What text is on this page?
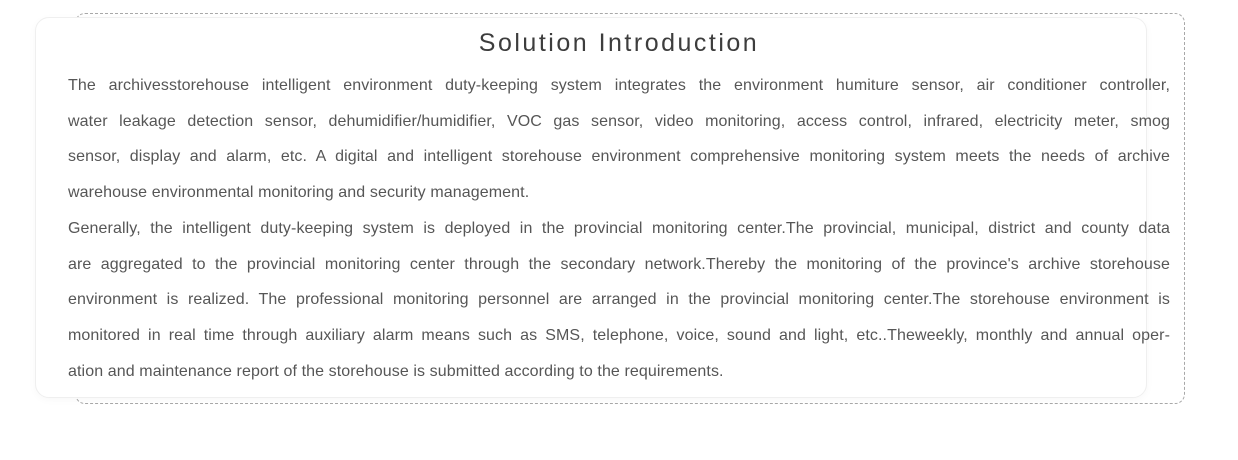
Solution Introduction
The archivesstorehouse intelligent environment duty-keeping system integrates the environment humiture sensor, air conditioner controller,
water leakage detection sensor, dehumidifier/humidifier, VOC gas sensor, video monitoring, access control, infrared, electricity meter, smog
sensor, display and alarm, etc. A digital and intelligent storehouse environment comprehensive monitoring system meets the needs of archive
warehouse environmental monitoring and security management.
Generally, the intelligent duty-keeping system is deployed in the provincial monitoring center.The provincial, municipal, district and county data
are aggregated to the provincial monitoring center through the secondary network.Thereby the monitoring of the province's archive storehouse
environment is realized. The professional monitoring personnel are arranged in the provincial monitoring center.The storehouse environment is
monitored in real time through auxiliary alarm means such as SMS, telephone, voice, sound and light, etc..Theweekly, monthly and annual oper-
ation and maintenance report of the storehouse is submitted according to the requirements.
